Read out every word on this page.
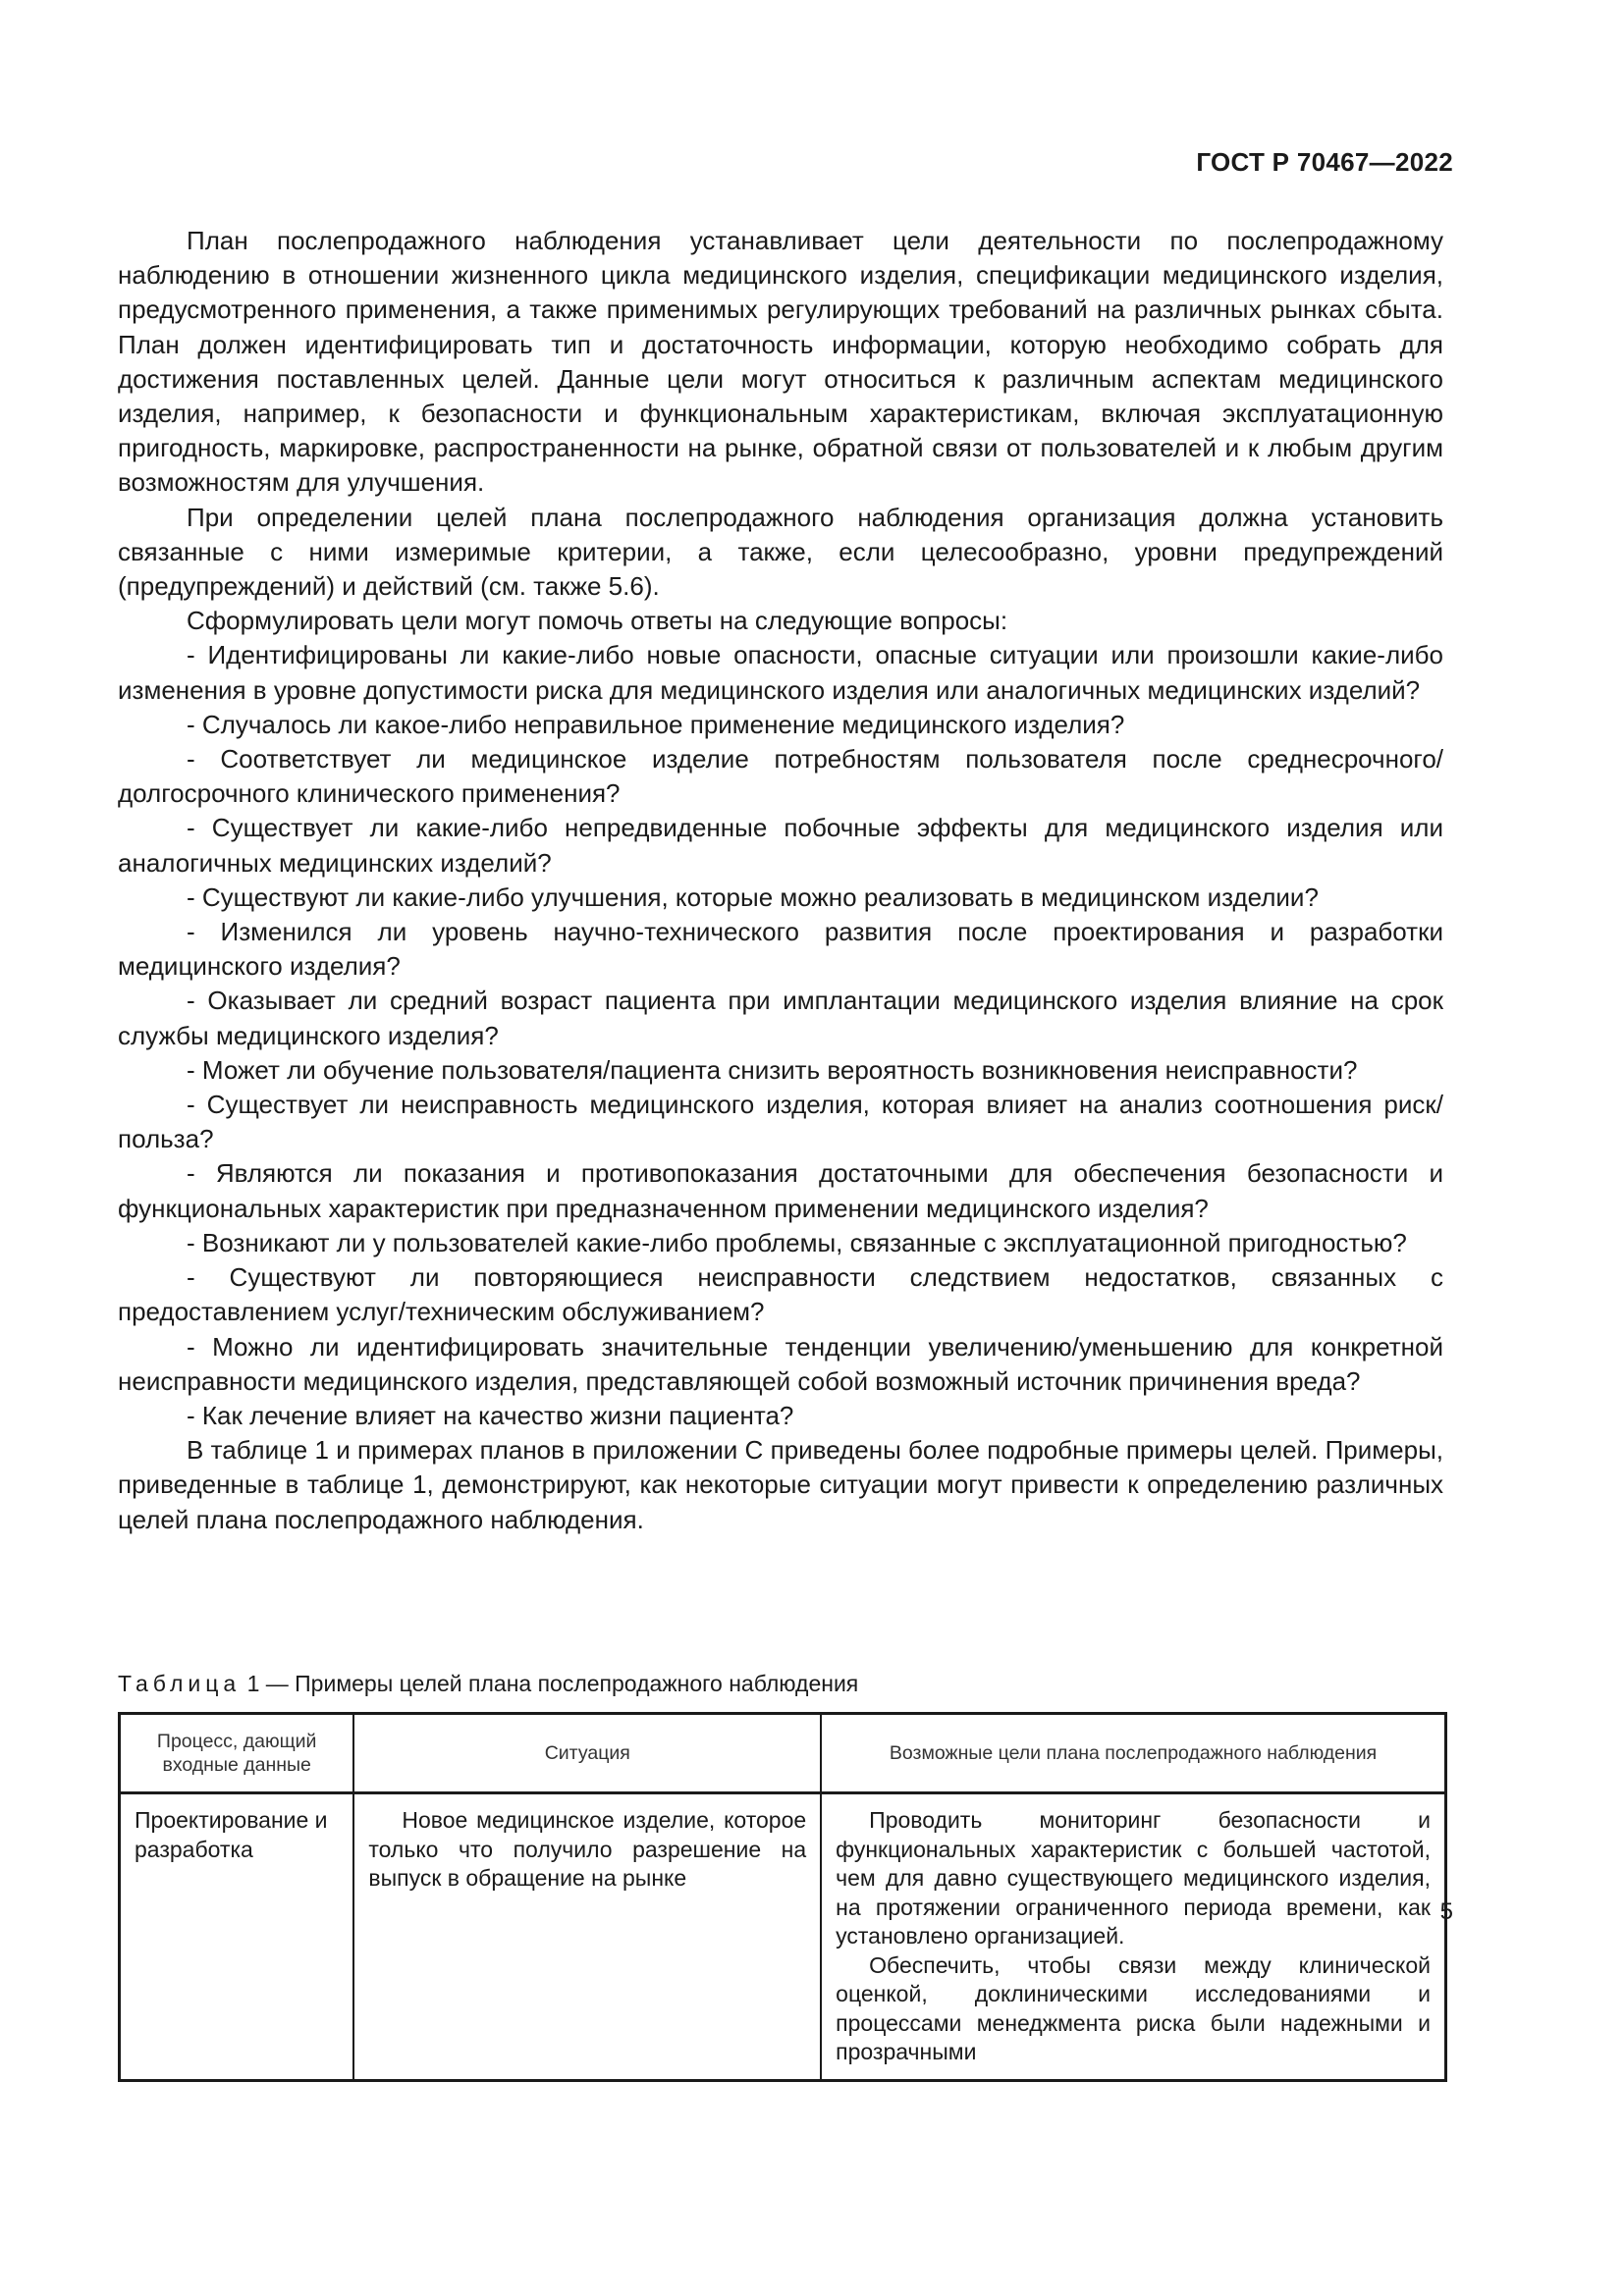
ГОСТ Р 70467—2022

План послепродажного наблюдения устанавливает цели деятельности по послепродажному наблюдению в отношении жизненного цикла медицинского изделия, спецификации медицинского изделия, предусмотренного применения, а также применимых регулирующих требований на различных рынках сбыта. План должен идентифицировать тип и достаточность информации, которую необходимо собрать для достижения поставленных целей. Данные цели могут относиться к различным аспектам медицинского изделия, например, к безопасности и функциональным характеристикам, включая эксплуатационную пригодность, маркировке, распространенности на рынке, обратной связи от пользователей и к любым другим возможностям для улучшения.

При определении целей плана послепродажного наблюдения организация должна установить связанные с ними измеримые критерии, а также, если целесообразно, уровни предупреждений (предупреждений) и действий (см. также 5.6).

Сформулировать цели могут помочь ответы на следующие вопросы:

- Идентифицированы ли какие-либо новые опасности, опасные ситуации или произошли какие-либо изменения в уровне допустимости риска для медицинского изделия или аналогичных медицинских изделий?

- Случалось ли какое-либо неправильное применение медицинского изделия?

- Соответствует ли медицинское изделие потребностям пользователя после среднесрочного/долгосрочного клинического применения?

- Существует ли какие-либо непредвиденные побочные эффекты для медицинского изделия или аналогичных медицинских изделий?

- Существуют ли какие-либо улучшения, которые можно реализовать в медицинском изделии?

- Изменился ли уровень научно-технического развития после проектирования и разработки медицинского изделия?

- Оказывает ли средний возраст пациента при имплантации медицинского изделия влияние на срок службы медицинского изделия?

- Может ли обучение пользователя/пациента снизить вероятность возникновения неисправности?

- Существует ли неисправность медицинского изделия, которая влияет на анализ соотношения риск/польза?

- Являются ли показания и противопоказания достаточными для обеспечения безопасности и функциональных характеристик при предназначенном применении медицинского изделия?

- Возникают ли у пользователей какие-либо проблемы, связанные с эксплуатационной пригодностью?

- Существуют ли повторяющиеся неисправности следствием недостатков, связанных с предоставлением услуг/техническим обслуживанием?

- Можно ли идентифицировать значительные тенденции увеличению/уменьшению для конкретной неисправности медицинского изделия, представляющей собой возможный источник причинения вреда?

- Как лечение влияет на качество жизни пациента?

В таблице 1 и примерах планов в приложении С приведены более подробные примеры целей. Примеры, приведенные в таблице 1, демонстрируют, как некоторые ситуации могут привести к определению различных целей плана послепродажного наблюдения.

Таблица 1 — Примеры целей плана послепродажного наблюдения
Процесс, дающий входные данные	Ситуация	Возможные цели плана послепродажного наблюдения
Проектирование и разработка	Новое медицинское изделие, которое только что получило разрешение на выпуск в обращение на рынке	Проводить мониторинг безопасности и функциональных характеристик с большей частотой, чем для давно существующего медицинского изделия, на протяжении ограниченного периода времени, как установлено организацией.

Обеспечить, чтобы связи между клинической оценкой, доклиническими исследованиями и процессами менеджмента риска были надежными и прозрачными

5
